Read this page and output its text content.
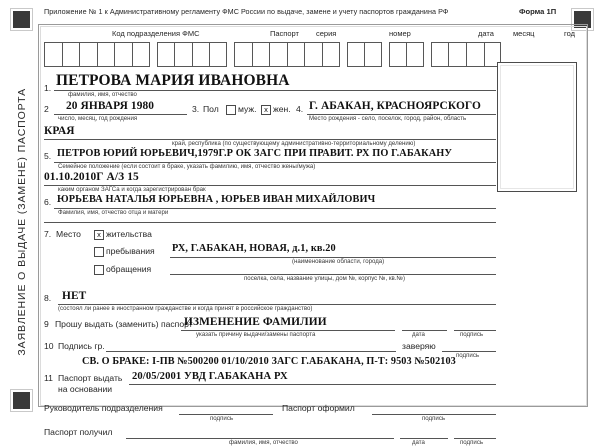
Приложение № 1 к Административному регламенту ФМС России по выдаче, замене и учету паспортов гражданина РФ	Форма 1П
ЗАЯВЛЕНИЕ О ВЫДАЧЕ (ЗАМЕНЕ) ПАСПОРТА
Код подразделения ФМС	Паспорт серия	номер	дата	месяц	год
1. ПЕТРОВА МАРИЯ ИВАНОВНА
фамилия, имя, отчество
2 20 ЯНВАРЯ 1980
число, месяц, год рождения
3. Пол муж.	x жен. 4. Г. АБАКАН, КРАСНОЯРСКОГО
Место рождения - село, поселок, город, район, область
КРАЯ
край, республика (по существующему административно-территориальному делению)
5. ПЕТРОВ ЮРИЙ ЮРЬЕВИЧ,1979Г.Р ОК ЗАГС ПРИ ПРАВИТ. РХ ПО Г.АБАКАНУ
Семейное положение (если состоит в браке, указать фамилию, имя, отчество жены/мужа)
01.10.2010Г А/З 15
каким органом ЗАГСа и когда зарегистрирован брак
6. ЮРЬЕВА НАТАЛЬЯ ЮРЬЕВНА , ЮРЬЕВ ИВАН МИХАЙЛОВИЧ
Фамилия, имя, отчество отца и матери
7. Место	x жительства
пребывания
обращения
РХ, Г.АБАКАН, НОВАЯ, д.1, кв.20
(наименование области, города)
поселка, села, название улицы, дом №, корпус №, кв.№)
8. НЕТ
(состоял ли ранее в иностранном гражданстве и когда принят в российское гражданство)
9 Прошу выдать (заменить) паспорт
ИЗМЕНЕНИЕ ФАМИЛИИ
указать причину выдачи/замены паспорта	дата	подпись
10 Подпись гр.	заверяю
подпись
СВ. О БРАКЕ: I-ПВ №500200 01/10/2010 ЗАГС Г.АБАКАНА, П-Т: 9503 №502103
11 Паспорт выдать
на основании
20/05/2001 УВД Г.АБАКАНА РХ
Руководитель подразделения
подпись
Паспорт оформил
подпись
Паспорт получил
фамилия, имя, отчество	дата	подпись
